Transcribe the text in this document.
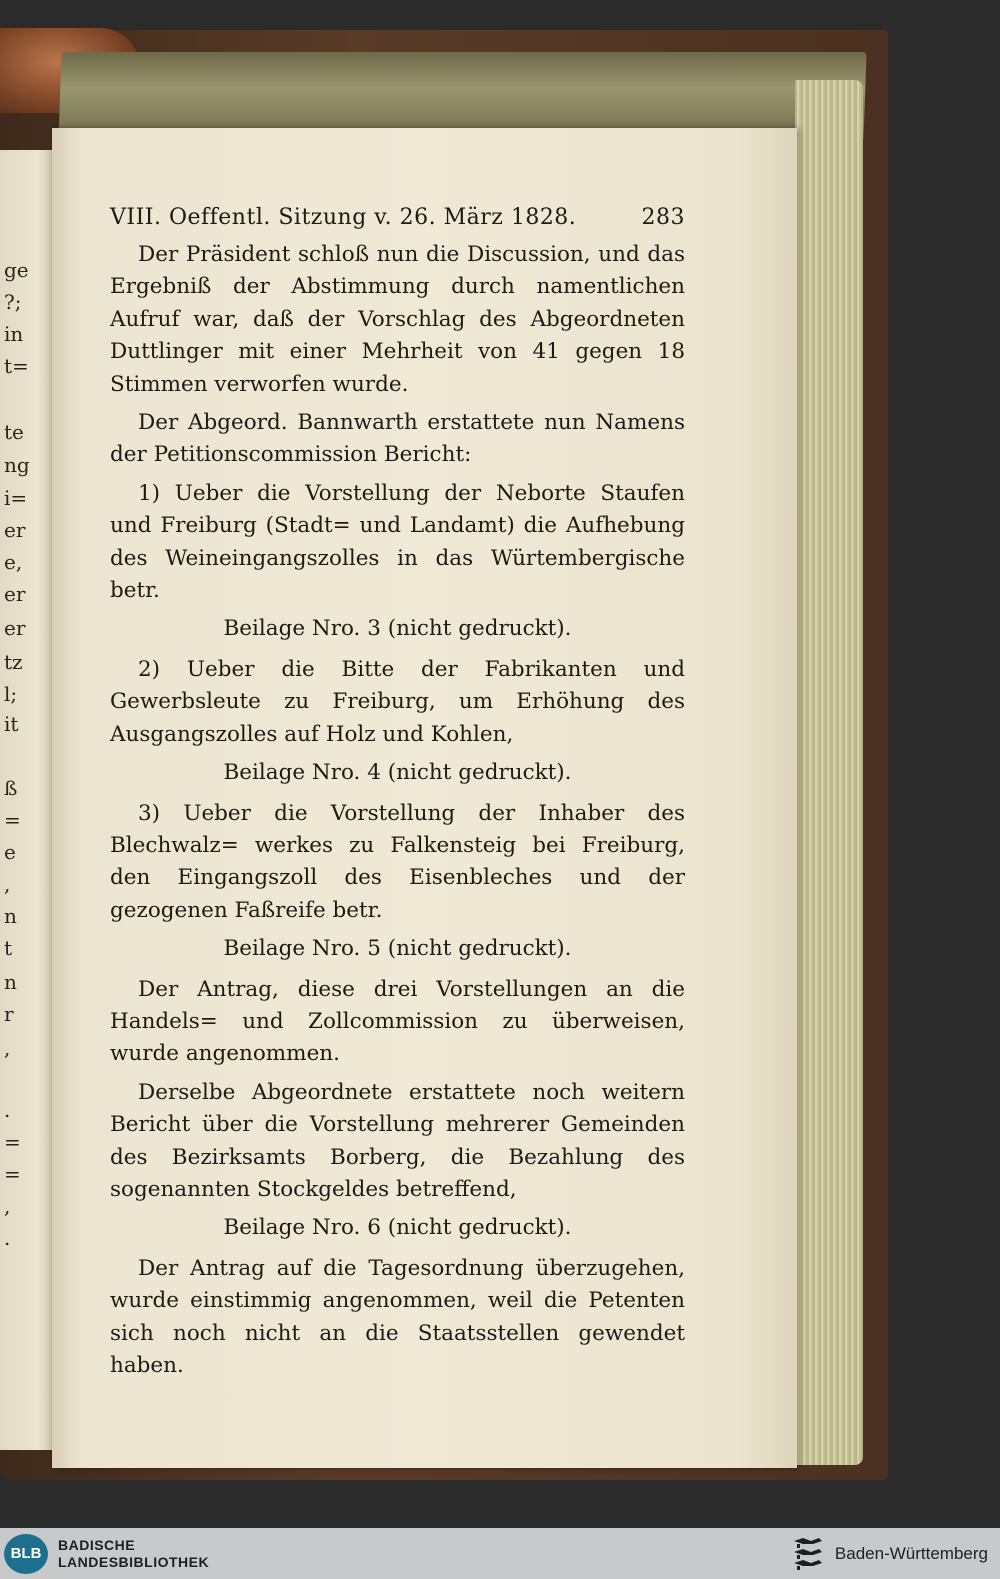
ge
?;
in
t=
te
ng
i=
er
e,
er
er
tz
l;
it
ß
=
e
,
n
t
n
r
,
.
=
=
,
.
VIII. Oeffentl. Sitzung v. 26. März 1828.	283

Der Präsident schloß nun die Discussion, und das Ergebniß der Abstimmung durch namentlichen Aufruf war, daß der Vorschlag des Abgeordneten Duttlinger mit einer Mehrheit von 41 gegen 18 Stimmen verworfen wurde.

Der Abgeord. Bannwarth erstattete nun Namens der Petitionscommission Bericht:

1) Ueber die Vorstellung der Neborte Staufen und Freiburg (Stadt= und Landamt) die Aufhebung des Weineingangszolles in das Würtembergische betr.

Beilage Nro. 3 (nicht gedruckt).

2) Ueber die Bitte der Fabrikanten und Gewerbsleute zu Freiburg, um Erhöhung des Ausgangszolles auf Holz und Kohlen,

Beilage Nro. 4 (nicht gedruckt).

3) Ueber die Vorstellung der Inhaber des Blechwalz= werkes zu Falkensteig bei Freiburg, den Eingangszoll des Eisenbleches und der gezogenen Faßreife betr.

Beilage Nro. 5 (nicht gedruckt).

Der Antrag, diese drei Vorstellungen an die Handels= und Zollcommission zu überweisen, wurde angenommen.

Derselbe Abgeordnete erstattete noch weitern Bericht über die Vorstellung mehrerer Gemeinden des Bezirksamts Borberg, die Bezahlung des sogenannten Stockgeldes betreffend,

Beilage Nro. 6 (nicht gedruckt).

Der Antrag auf die Tagesordnung überzugehen, wurde einstimmig angenommen, weil die Petenten sich noch nicht an die Staatsstellen gewendet haben.

BLB
BADISCHE
LANDESBIBLIOTHEK	Baden-Württemberg
